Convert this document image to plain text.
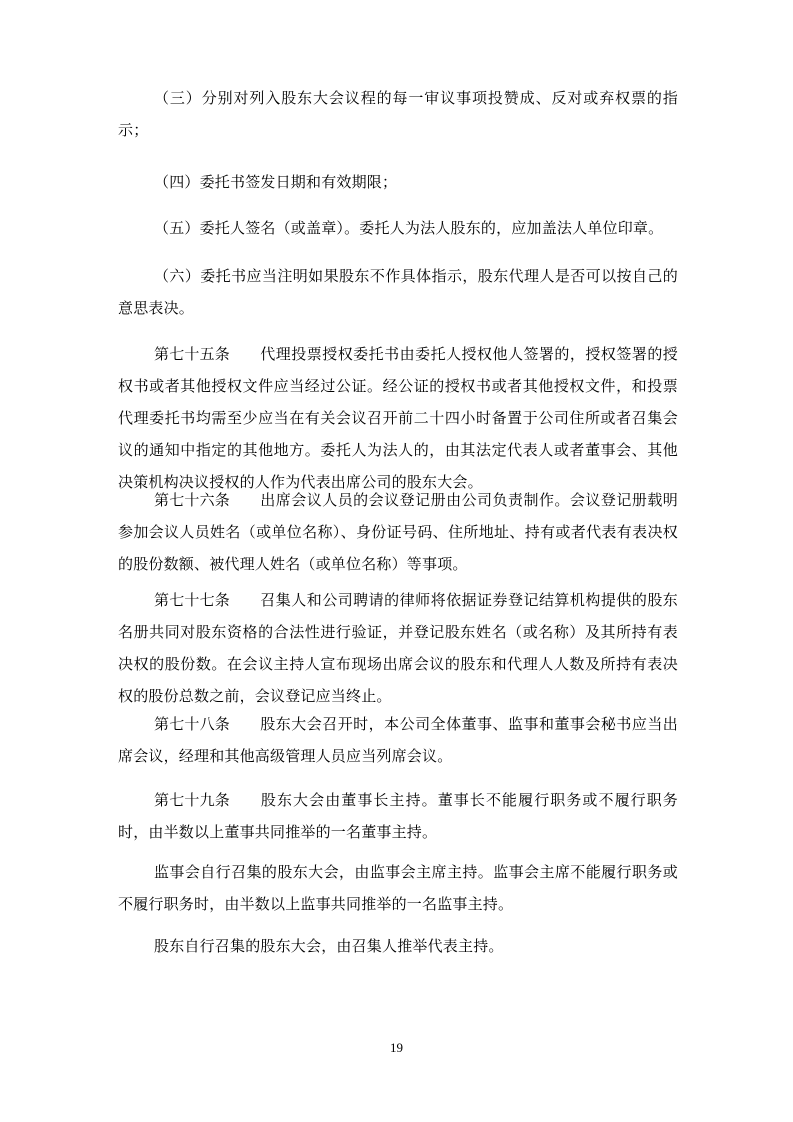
（三）分别对列入股东大会议程的每一审议事项投赞成、反对或弃权票的指示；

（四）委托书签发日期和有效期限；

（五）委托人签名（或盖章）。委托人为法人股东的，应加盖法人单位印章。

（六）委托书应当注明如果股东不作具体指示，股东代理人是否可以按自己的意思表决。

第七十五条 代理投票授权委托书由委托人授权他人签署的，授权签署的授权书或者其他授权文件应当经过公证。经公证的授权书或者其他授权文件，和投票代理委托书均需至少应当在有关会议召开前二十四小时备置于公司住所或者召集会议的通知中指定的其他地方。委托人为法人的，由其法定代表人或者董事会、其他决策机构决议授权的人作为代表出席公司的股东大会。

第七十六条 出席会议人员的会议登记册由公司负责制作。会议登记册载明参加会议人员姓名（或单位名称）、身份证号码、住所地址、持有或者代表有表决权的股份数额、被代理人姓名（或单位名称）等事项。

第七十七条 召集人和公司聘请的律师将依据证券登记结算机构提供的股东名册共同对股东资格的合法性进行验证，并登记股东姓名（或名称）及其所持有表决权的股份数。在会议主持人宣布现场出席会议的股东和代理人人数及所持有表决权的股份总数之前，会议登记应当终止。

第七十八条 股东大会召开时，本公司全体董事、监事和董事会秘书应当出席会议，经理和其他高级管理人员应当列席会议。

第七十九条 股东大会由董事长主持。董事长不能履行职务或不履行职务时，由半数以上董事共同推举的一名董事主持。

监事会自行召集的股东大会，由监事会主席主持。监事会主席不能履行职务或不履行职务时，由半数以上监事共同推举的一名监事主持。

股东自行召集的股东大会，由召集人推举代表主持。

19
